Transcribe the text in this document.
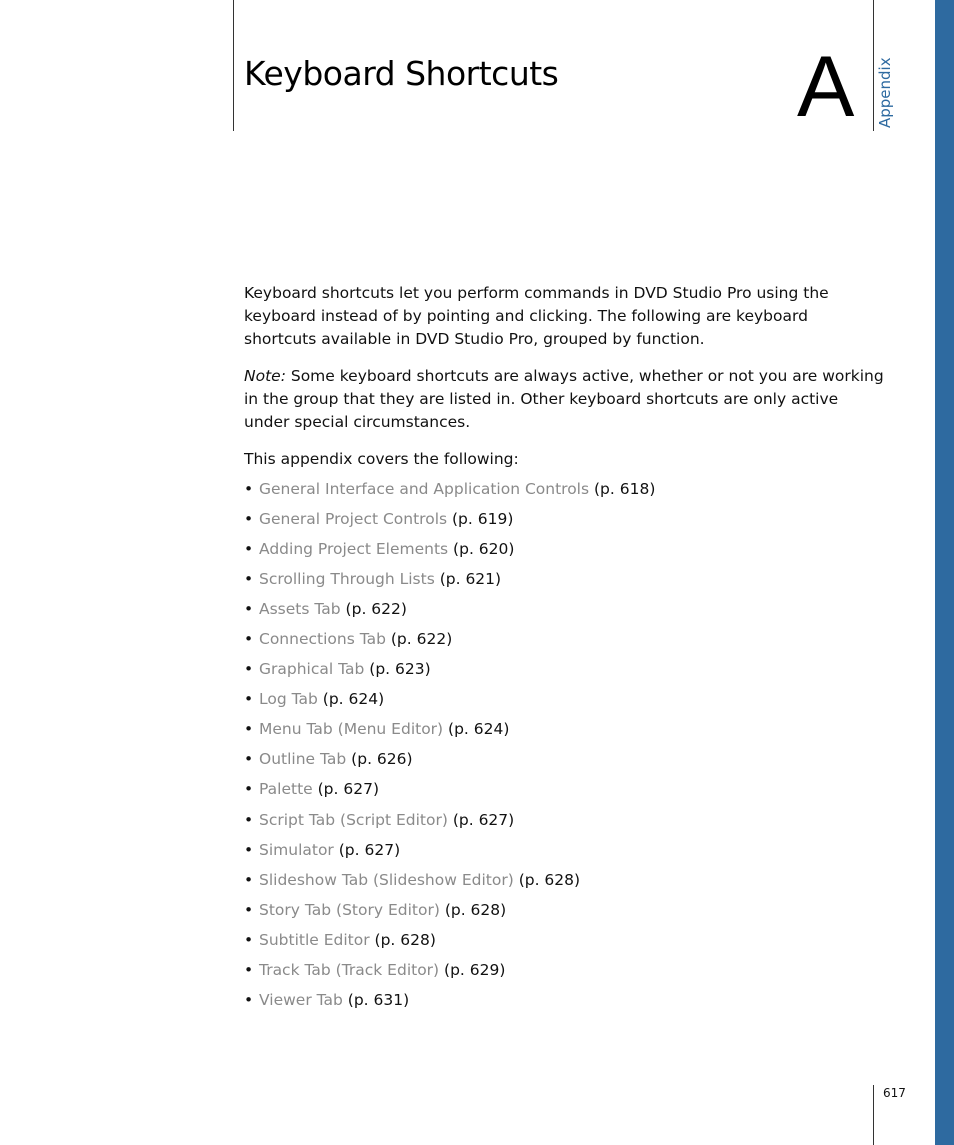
Keyboard Shortcuts	A Appendix

Keyboard shortcuts let you perform commands in DVD Studio Pro using the keyboard instead of by pointing and clicking. The following are keyboard shortcuts available in DVD Studio Pro, grouped by function.

Note: Some keyboard shortcuts are always active, whether or not you are working in the group that they are listed in. Other keyboard shortcuts are only active under special circumstances.

This appendix covers the following:

• General Interface and Application Controls (p. 618)
• General Project Controls (p. 619)
• Adding Project Elements (p. 620)
• Scrolling Through Lists (p. 621)
• Assets Tab (p. 622)
• Connections Tab (p. 622)
• Graphical Tab (p. 623)
• Log Tab (p. 624)
• Menu Tab (Menu Editor) (p. 624)
• Outline Tab (p. 626)
• Palette (p. 627)
• Script Tab (Script Editor) (p. 627)
• Simulator (p. 627)
• Slideshow Tab (Slideshow Editor) (p. 628)
• Story Tab (Story Editor) (p. 628)
• Subtitle Editor (p. 628)
• Track Tab (Track Editor) (p. 629)
• Viewer Tab (p. 631)
617
